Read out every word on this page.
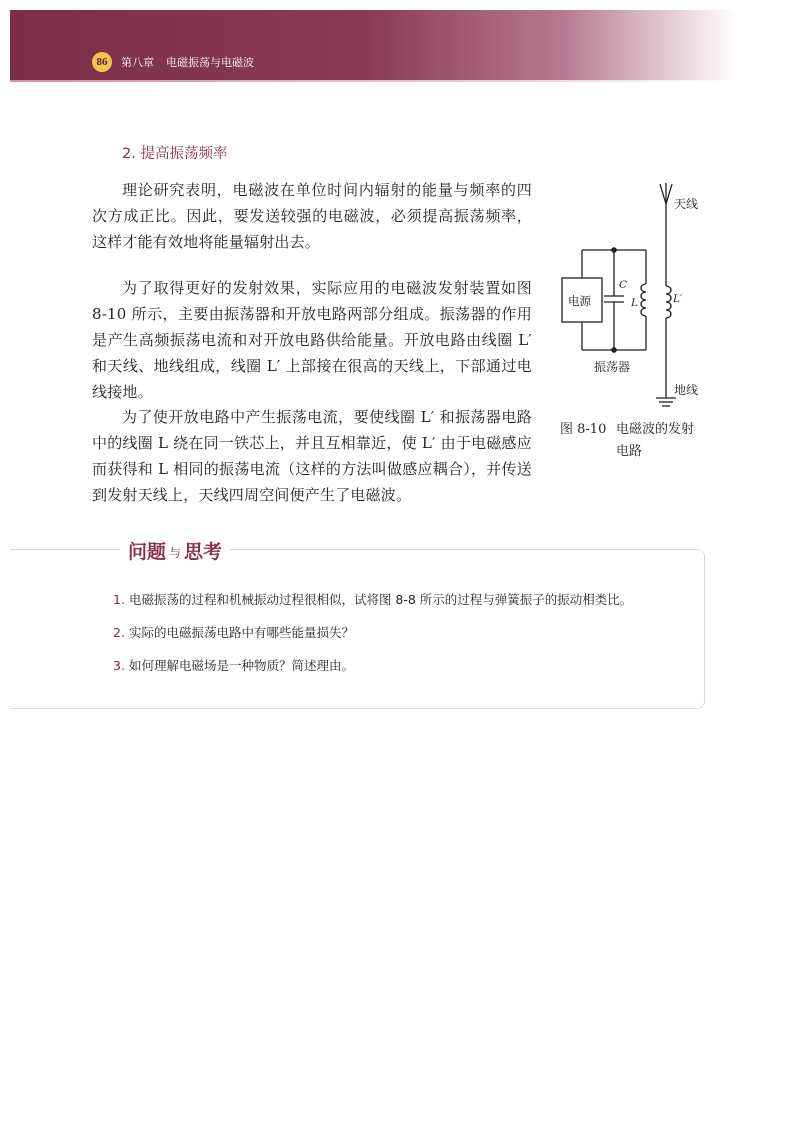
86	第八章 电磁振荡与电磁波
2. 提高振荡频率

理论研究表明，电磁波在单位时间内辐射的能量与频率的四次方成正比。因此，要发送较强的电磁波，必须提高振荡频率，这样才能有效地将能量辐射出去。

为了取得更好的发射效果，实际应用的电磁波发射装置如图 8-10 所示，主要由振荡器和开放电路两部分组成。振荡器的作用是产生高频振荡电流和对开放电路供给能量。开放电路由线圈 L′ 和天线、地线组成，线圈 L′ 上部接在很高的天线上，下部通过电线接地。

为了使开放电路中产生振荡电流，要使线圈 L′ 和振荡器电路中的线圈 L 绕在同一铁芯上，并且互相靠近，使 L′ 由于电磁感应而获得和 L 相同的振荡电流（这样的方法叫做感应耦合），并传送到发射天线上，天线四周空间便产生了电磁波。

天线
电源
C
L	L′
振荡器
地线
图 8-10 电磁波的发射
电路
问题 与 思考
1. 电磁振荡的过程和机械振动过程很相似，试将图 8-8 所示的过程与弹簧振子的振动相类比。
2. 实际的电磁振荡电路中有哪些能量损失？
3. 如何理解电磁场是一种物质？简述理由。
